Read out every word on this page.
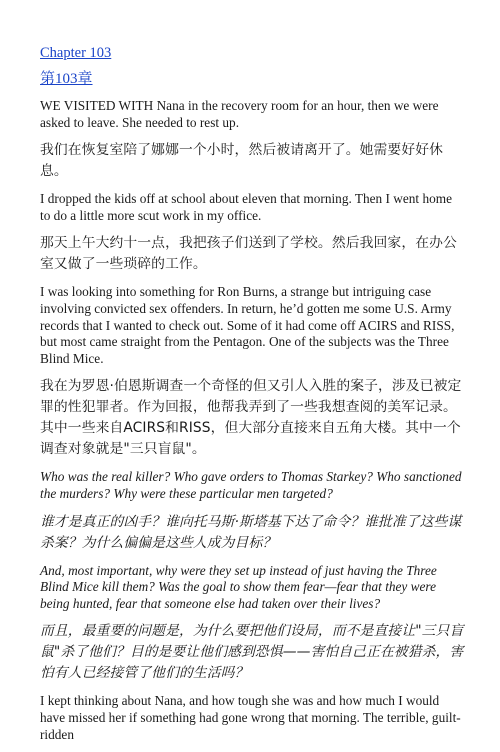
Chapter 103
第103章

WE VISITED WITH Nana in the recovery room for an hour, then we were asked to leave. She needed to rest up.

我们在恢复室陪了娜娜一个小时，然后被请离开了。她需要好好休息。

I dropped the kids off at school about eleven that morning. Then I went home to do a little more scut work in my office.

那天上午大约十一点，我把孩子们送到了学校。然后我回家，在办公室又做了一些琐碎的工作。

I was looking into something for Ron Burns, a strange but intriguing case involving convicted sex offenders. In return, he’d gotten me some U.S. Army records that I wanted to check out. Some of it had come off ACIRS and RISS, but most came straight from the Pentagon. One of the subjects was the Three Blind Mice.

我在为罗恩·伯恩斯调查一个奇怪的但又引人入胜的案子，涉及已被定罪的性犯罪者。作为回报，他帮我弄到了一些我想查阅的美军记录。其中一些来自ACIRS和RISS，但大部分直接来自五角大楼。其中一个调查对象就是"三只盲鼠"。

Who was the real killer? Who gave orders to Thomas Starkey? Who sanctioned the murders? Why were these particular men targeted?

谁才是真正的凶手？谁向托马斯·斯塔基下达了命令？谁批准了这些谋杀案？为什么偏偏是这些人成为目标？

And, most important, why were they set up instead of just having the Three Blind Mice kill them? Was the goal to show them fear—fear that they were being hunted, fear that someone else had taken over their lives?

而且，最重要的问题是，为什么要把他们设局，而不是直接让"三只盲鼠"杀了他们？目的是要让他们感到恐惧——害怕自己正在被猎杀，害怕有人已经接管了他们的生活吗？

I kept thinking about Nana, and how tough she was and how much I would have missed her if something had gone wrong that morning. The terrible, guilt-ridden
